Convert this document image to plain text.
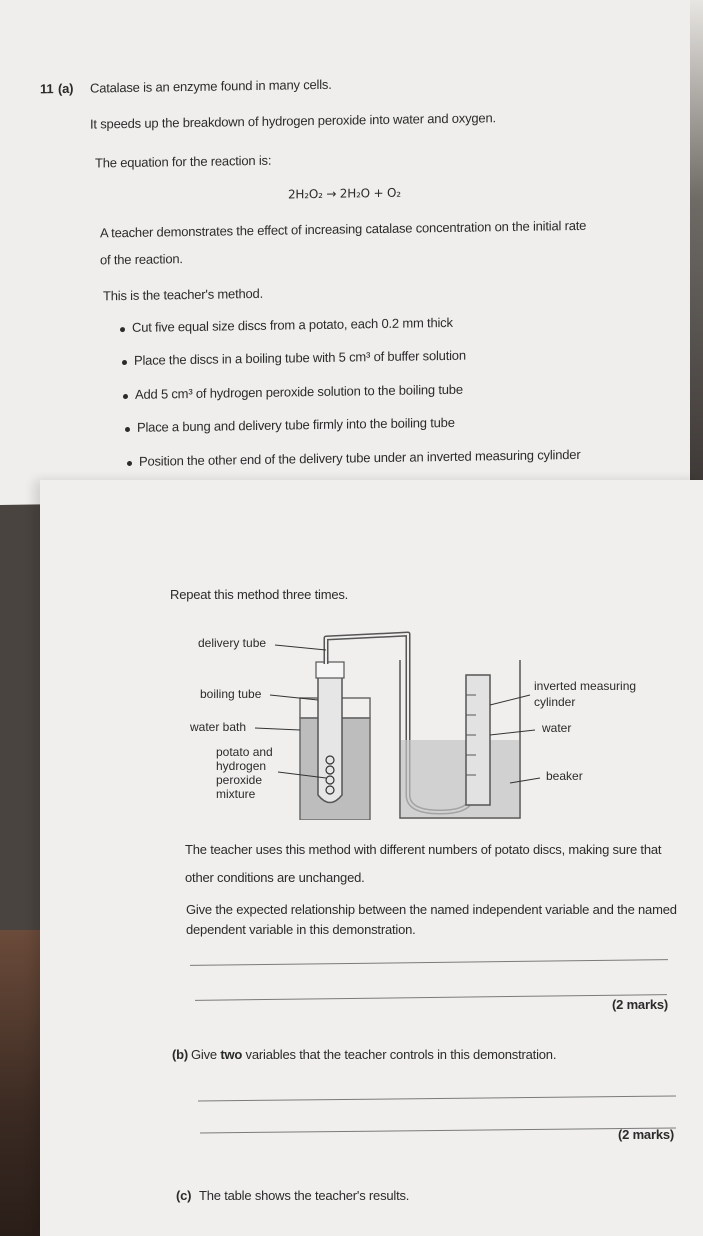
11 (a) Catalase is an enzyme found in many cells.
It speeds up the breakdown of hydrogen peroxide into water and oxygen.
The equation for the reaction is:
2H₂O₂ → 2H₂O + O₂
A teacher demonstrates the effect of increasing catalase concentration on the initial rate
of the reaction.
This is the teacher's method.
Cut five equal size discs from a potato, each 0.2 mm thick
Place the discs in a boiling tube with 5 cm³ of buffer solution
Add 5 cm³ of hydrogen peroxide solution to the boiling tube
Place a bung and delivery tube firmly into the boiling tube
Position the other end of the delivery tube under an inverted measuring cylinder
Repeat this method three times.
delivery tube
boiling tube
water bath
potato and
hydrogen
peroxide
mixture
inverted measuring
cylinder
water
beaker
The teacher uses this method with different numbers of potato discs, making sure that
other conditions are unchanged.
Give the expected relationship between the named independent variable and the named
dependent variable in this demonstration.
(2 marks)
(b) Give two variables that the teacher controls in this demonstration.
(2 marks)
(c) The table shows the teacher's results.
